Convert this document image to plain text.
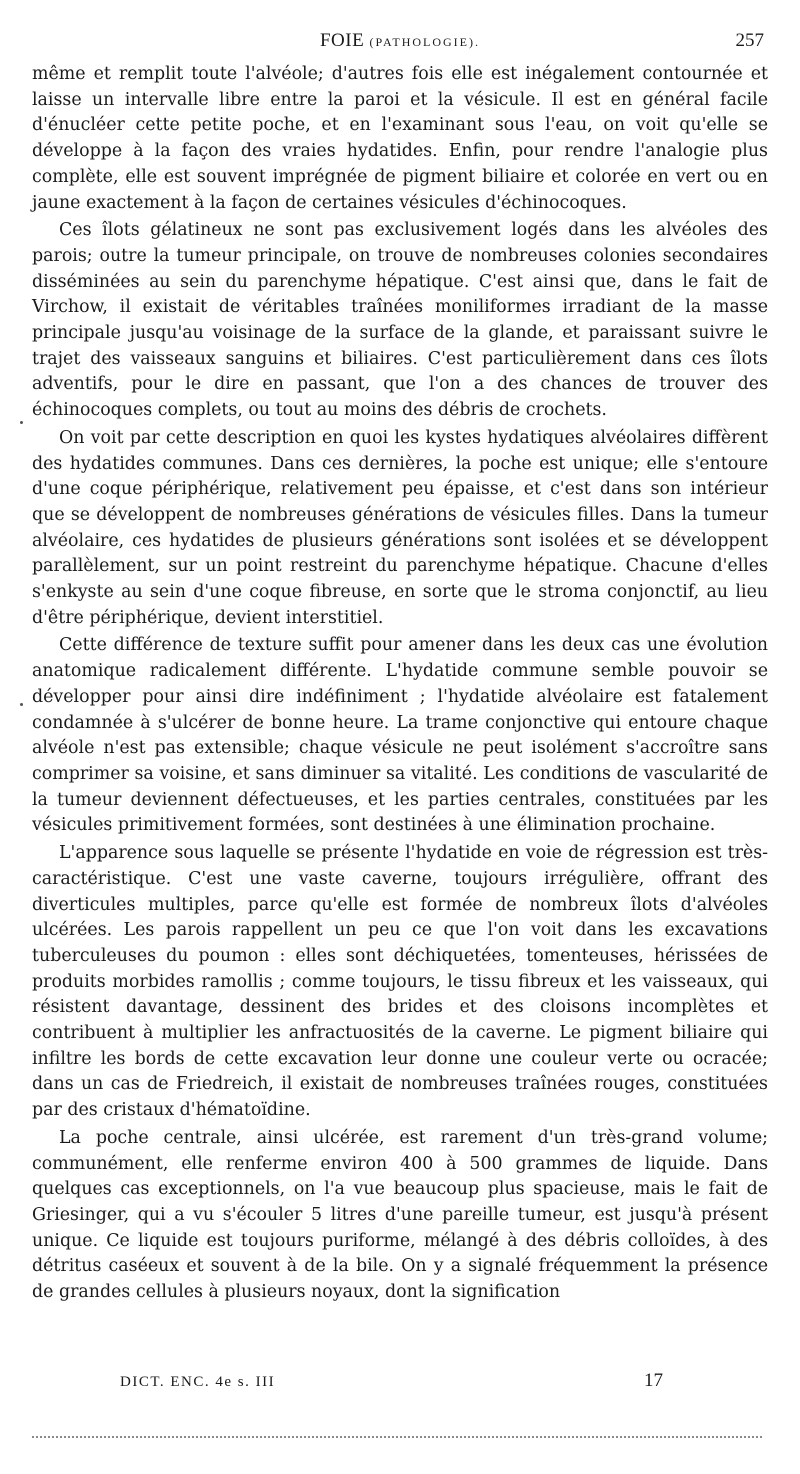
FOIE (PATHOLOGIE).	257

même et remplit toute l'alvéole; d'autres fois elle est inégalement contournée et laisse un intervalle libre entre la paroi et la vésicule. Il est en général facile d'énucléer cette petite poche, et en l'examinant sous l'eau, on voit qu'elle se développe à la façon des vraies hydatides. Enfin, pour rendre l'analogie plus complète, elle est souvent imprégnée de pigment biliaire et colorée en vert ou en jaune exactement à la façon de certaines vésicules d'échinocoques.

Ces îlots gélatineux ne sont pas exclusivement logés dans les alvéoles des parois; outre la tumeur principale, on trouve de nombreuses colonies secondaires disséminées au sein du parenchyme hépatique. C'est ainsi que, dans le fait de Virchow, il existait de véritables traînées moniliformes irradiant de la masse principale jusqu'au voisinage de la surface de la glande, et paraissant suivre le trajet des vaisseaux sanguins et biliaires. C'est particulièrement dans ces îlots adventifs, pour le dire en passant, que l'on a des chances de trouver des échinocoques complets, ou tout au moins des débris de crochets.

On voit par cette description en quoi les kystes hydatiques alvéolaires diffèrent des hydatides communes. Dans ces dernières, la poche est unique; elle s'entoure d'une coque périphérique, relativement peu épaisse, et c'est dans son intérieur que se développent de nombreuses générations de vésicules filles. Dans la tumeur alvéolaire, ces hydatides de plusieurs générations sont isolées et se développent parallèlement, sur un point restreint du parenchyme hépatique. Chacune d'elles s'enkyste au sein d'une coque fibreuse, en sorte que le stroma conjonctif, au lieu d'être périphérique, devient interstitiel.

Cette différence de texture suffit pour amener dans les deux cas une évolution anatomique radicalement différente. L'hydatide commune semble pouvoir se développer pour ainsi dire indéfiniment ; l'hydatide alvéolaire est fatalement condamnée à s'ulcérer de bonne heure. La trame conjonctive qui entoure chaque alvéole n'est pas extensible; chaque vésicule ne peut isolément s'accroître sans comprimer sa voisine, et sans diminuer sa vitalité. Les conditions de vascularité de la tumeur deviennent défectueuses, et les parties centrales, constituées par les vésicules primitivement formées, sont destinées à une élimination prochaine.

L'apparence sous laquelle se présente l'hydatide en voie de régression est très-caractéristique. C'est une vaste caverne, toujours irrégulière, offrant des diverticules multiples, parce qu'elle est formée de nombreux îlots d'alvéoles ulcérées. Les parois rappellent un peu ce que l'on voit dans les excavations tuberculeuses du poumon : elles sont déchiquetées, tomenteuses, hérissées de produits morbides ramollis ; comme toujours, le tissu fibreux et les vaisseaux, qui résistent davantage, dessinent des brides et des cloisons incomplètes et contribuent à multiplier les anfractuosités de la caverne. Le pigment biliaire qui infiltre les bords de cette excavation leur donne une couleur verte ou ocracée; dans un cas de Friedreich, il existait de nombreuses traînées rouges, constituées par des cristaux d'hématoïdine.

La poche centrale, ainsi ulcérée, est rarement d'un très-grand volume; communément, elle renferme environ 400 à 500 grammes de liquide. Dans quelques cas exceptionnels, on l'a vue beaucoup plus spacieuse, mais le fait de Griesinger, qui a vu s'écouler 5 litres d'une pareille tumeur, est jusqu'à présent unique. Ce liquide est toujours puriforme, mélangé à des débris colloïdes, à des détritus caséeux et souvent à de la bile. On y a signalé fréquemment la présence de grandes cellules à plusieurs noyaux, dont la signification

DICT. ENC. 4e s. III	17
